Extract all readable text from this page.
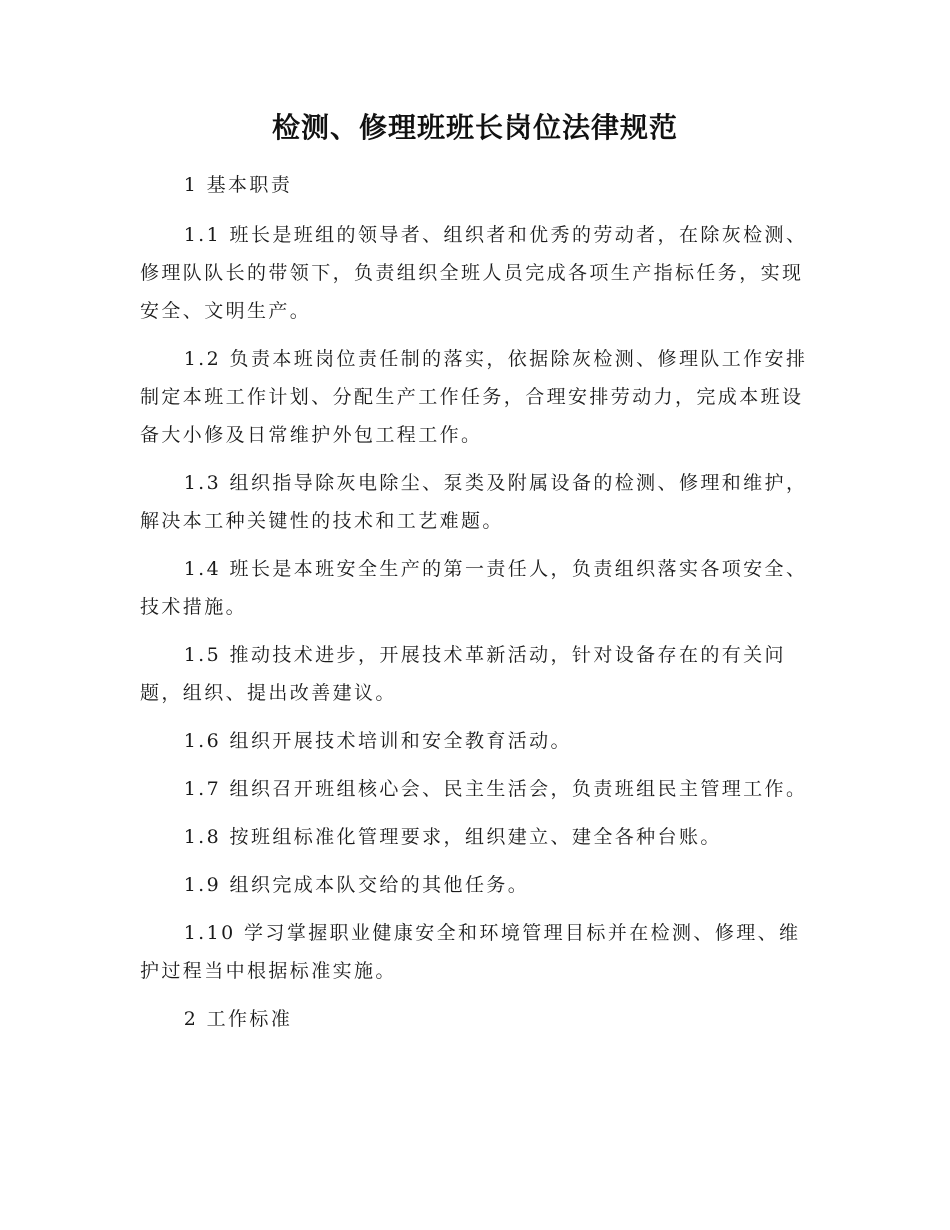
检测、修理班班长岗位法律规范

1 基本职责

1.1 班长是班组的领导者、组织者和优秀的劳动者，在除灰检测、修理队队长的带领下，负责组织全班人员完成各项生产指标任务，实现安全、文明生产。

1.2 负责本班岗位责任制的落实，依据除灰检测、修理队工作安排制定本班工作计划、分配生产工作任务，合理安排劳动力，完成本班设备大小修及日常维护外包工程工作。

1.3 组织指导除灰电除尘、泵类及附属设备的检测、修理和维护，解决本工种关键性的技术和工艺难题。

1.4 班长是本班安全生产的第一责任人，负责组织落实各项安全、技术措施。

1.5 推动技术进步，开展技术革新活动，针对设备存在的有关问题，组织、提出改善建议。

1.6 组织开展技术培训和安全教育活动。

1.7 组织召开班组核心会、民主生活会，负责班组民主管理工作。

1.8 按班组标准化管理要求，组织建立、建全各种台账。

1.9 组织完成本队交给的其他任务。

1.10 学习掌握职业健康安全和环境管理目标并在检测、修理、维护过程当中根据标准实施。

2 工作标准
